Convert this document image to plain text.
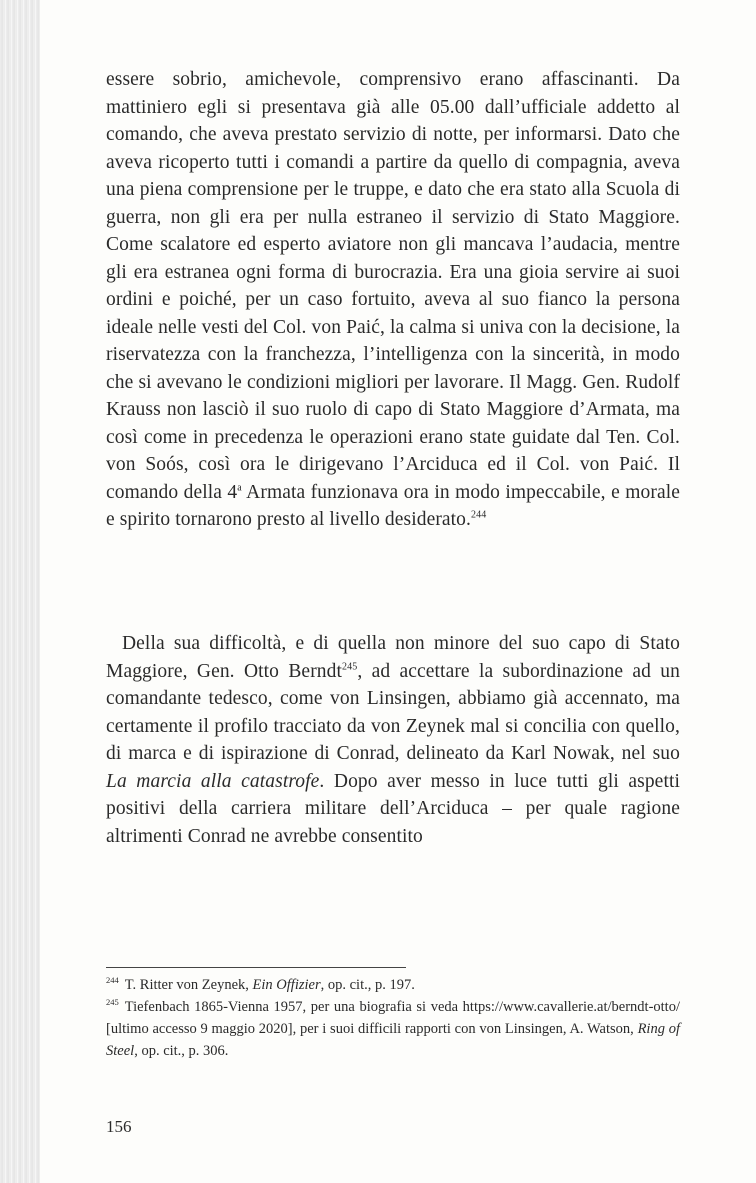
essere sobrio, amichevole, comprensivo erano affascinanti. Da mattiniero egli si presentava già alle 05.00 dall’ufficiale addetto al comando, che aveva prestato servizio di notte, per informarsi. Dato che aveva ricoperto tutti i comandi a partire da quello di compagnia, aveva una piena comprensione per le truppe, e dato che era stato alla Scuola di guerra, non gli era per nulla estraneo il servizio di Stato Maggiore. Come scalatore ed esperto aviatore non gli mancava l’audacia, mentre gli era estranea ogni forma di burocrazia. Era una gioia servire ai suoi ordini e poiché, per un caso fortuito, aveva al suo fianco la persona ideale nelle vesti del Col. von Paić, la calma si univa con la decisione, la riservatezza con la franchezza, l’intelligenza con la sincerità, in modo che si avevano le condizioni migliori per lavorare. Il Magg. Gen. Rudolf Krauss non lasciò il suo ruolo di capo di Stato Maggiore d’Armata, ma così come in precedenza le operazioni erano state guidate dal Ten. Col. von Soós, così ora le dirigevano l’Arciduca ed il Col. von Paić. Il comando della 4$^a$ Armata funzionava ora in modo impeccabile, e morale e spirito tornarono presto al livello desiderato.$^{244}$

Della sua difficoltà, e di quella non minore del suo capo di Stato Maggiore, Gen. Otto Berndt$^{245}$, ad accettare la subordinazione ad un comandante tedesco, come von Linsingen, abbiamo già accennato, ma certamente il profilo tracciato da von Zeynek mal si concilia con quello, di marca e di ispirazione di Conrad, delineato da Karl Nowak, nel suo La marcia alla catastrofe. Dopo aver messo in luce tutti gli aspetti positivi della carriera militare dell’Arciduca – per quale ragione altrimenti Conrad ne avrebbe consentito

$^{244}$ T. Ritter von Zeynek, Ein Offizier, op. cit., p. 197.

$^{245}$ Tiefenbach 1865-Vienna 1957, per una biografia si veda https://www.cavallerie.at/berndt-otto/ [ultimo accesso 9 maggio 2020], per i suoi difficili rapporti con von Linsingen, A. Watson, Ring of Steel, op. cit., p. 306.

156
